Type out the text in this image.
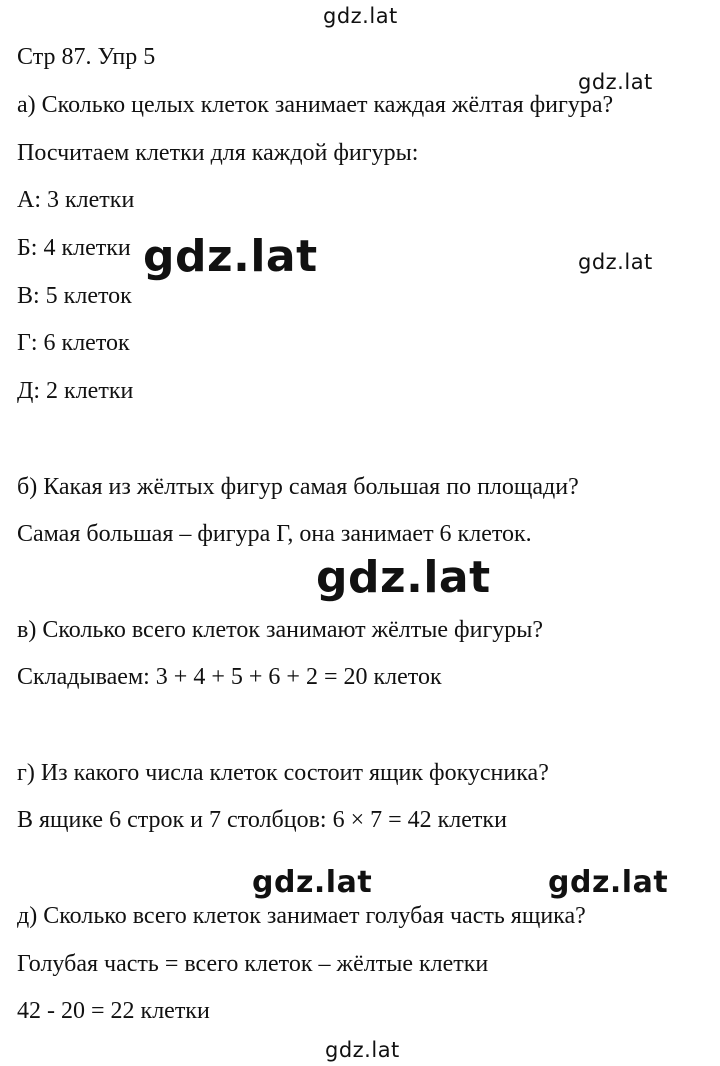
gdz.lat
gdz.lat
gdz.lat	gdz.lat
gdz.lat
gdz.lat	gdz.lat
gdz.lat

Стр 87. Упр 5

а) Сколько целых клеток занимает каждая жёлтая фигура?

Посчитаем клетки для каждой фигуры:

А: 3 клетки

Б: 4 клетки

В: 5 клеток

Г: 6 клеток

Д: 2 клетки

б) Какая из жёлтых фигур самая большая по площади?

Самая большая – фигура Г, она занимает 6 клеток.

в) Сколько всего клеток занимают жёлтые фигуры?

Складываем: 3 + 4 + 5 + 6 + 2 = 20 клеток

г) Из какого числа клеток состоит ящик фокусника?

В ящике 6 строк и 7 столбцов: 6 × 7 = 42 клетки

д) Сколько всего клеток занимает голубая часть ящика?

Голубая часть = всего клеток – жёлтые клетки

42 - 20 = 22 клетки
